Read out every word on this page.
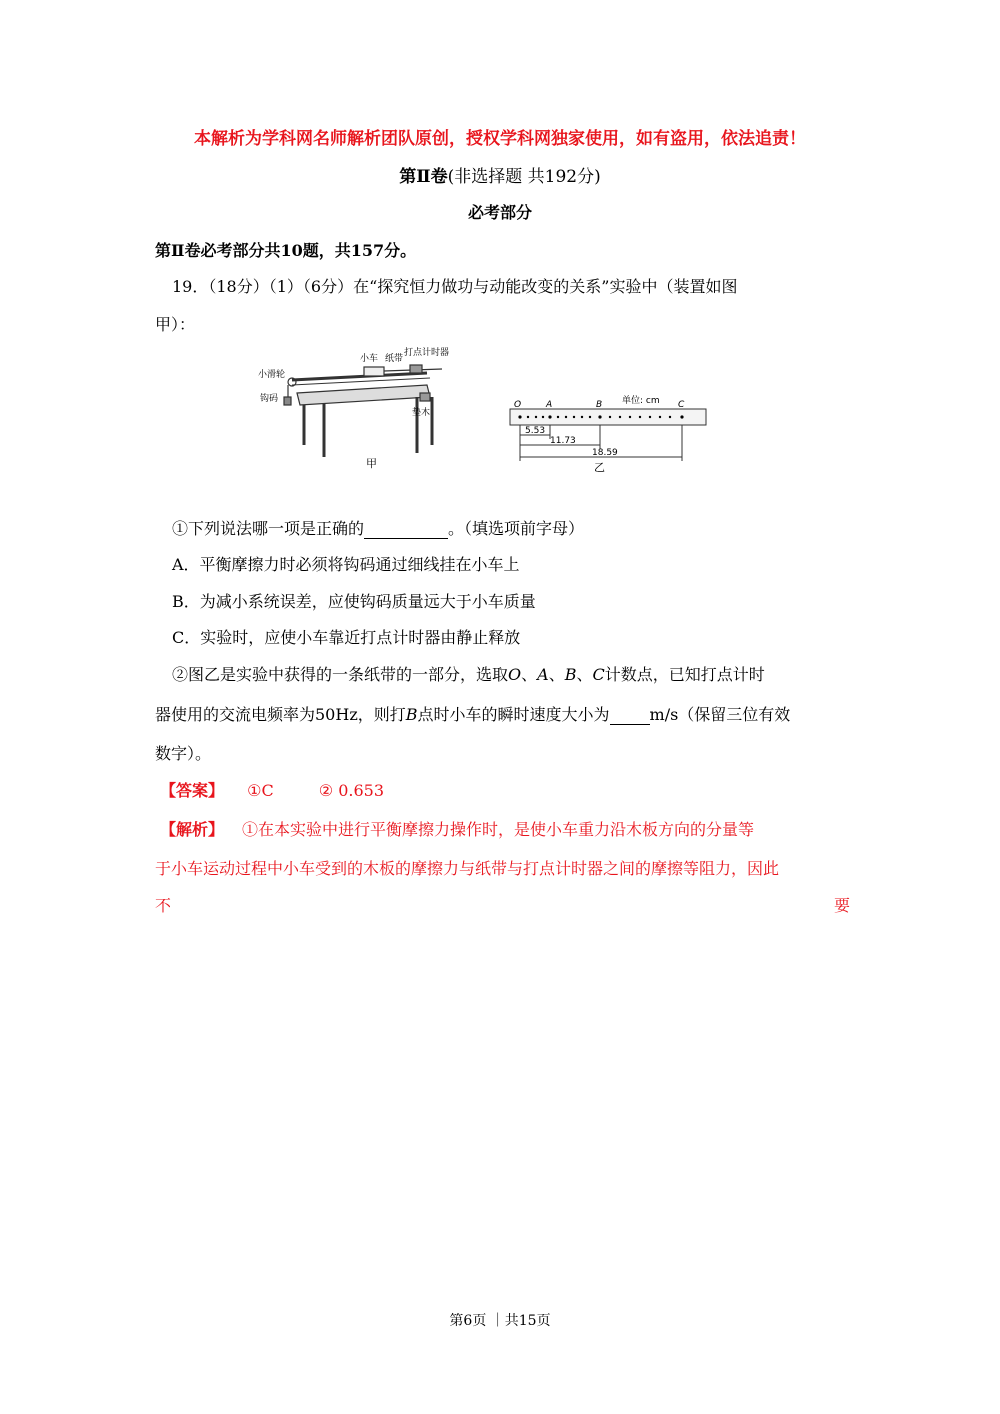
本解析为学科网名师解析团队原创，授权学科网独家使用，如有盗用，依法追责！
第Ⅱ卷(非选择题 共192分)
必考部分
第Ⅱ卷必考部分共10题，共157分。
19．（18分）（1）（6分）在“探究恒力做功与动能改变的关系”实验中（装置如图
甲）：
小滑轮
小车 纸带
打点计时器
钩码
垫木
甲
单位: cm
O	A	B	C
5.53
11.73
18.59
乙
①下列说法哪一项是正确的	。（填选项前字母）
A．平衡摩擦力时必须将钩码通过细线挂在小车上
B．为减小系统误差，应使钩码质量远大于小车质量
C．实验时，应使小车靠近打点计时器由静止释放
②图乙是实验中获得的一条纸带的一部分，选取O、A、B、C计数点，已知打点计时
器使用的交流电频率为50Hz，则打B点时小车的瞬时速度大小为	m/s（保留三位有效
数字）。
【答案】 ①C	② 0.653
【解析】 ①在本实验中进行平衡摩擦力操作时，是使小车重力沿木板方向的分量等
于小车运动过程中小车受到的木板的摩擦力与纸带与打点计时器之间的摩擦等阻力，因此
不	要
第6页 ｜共15页
